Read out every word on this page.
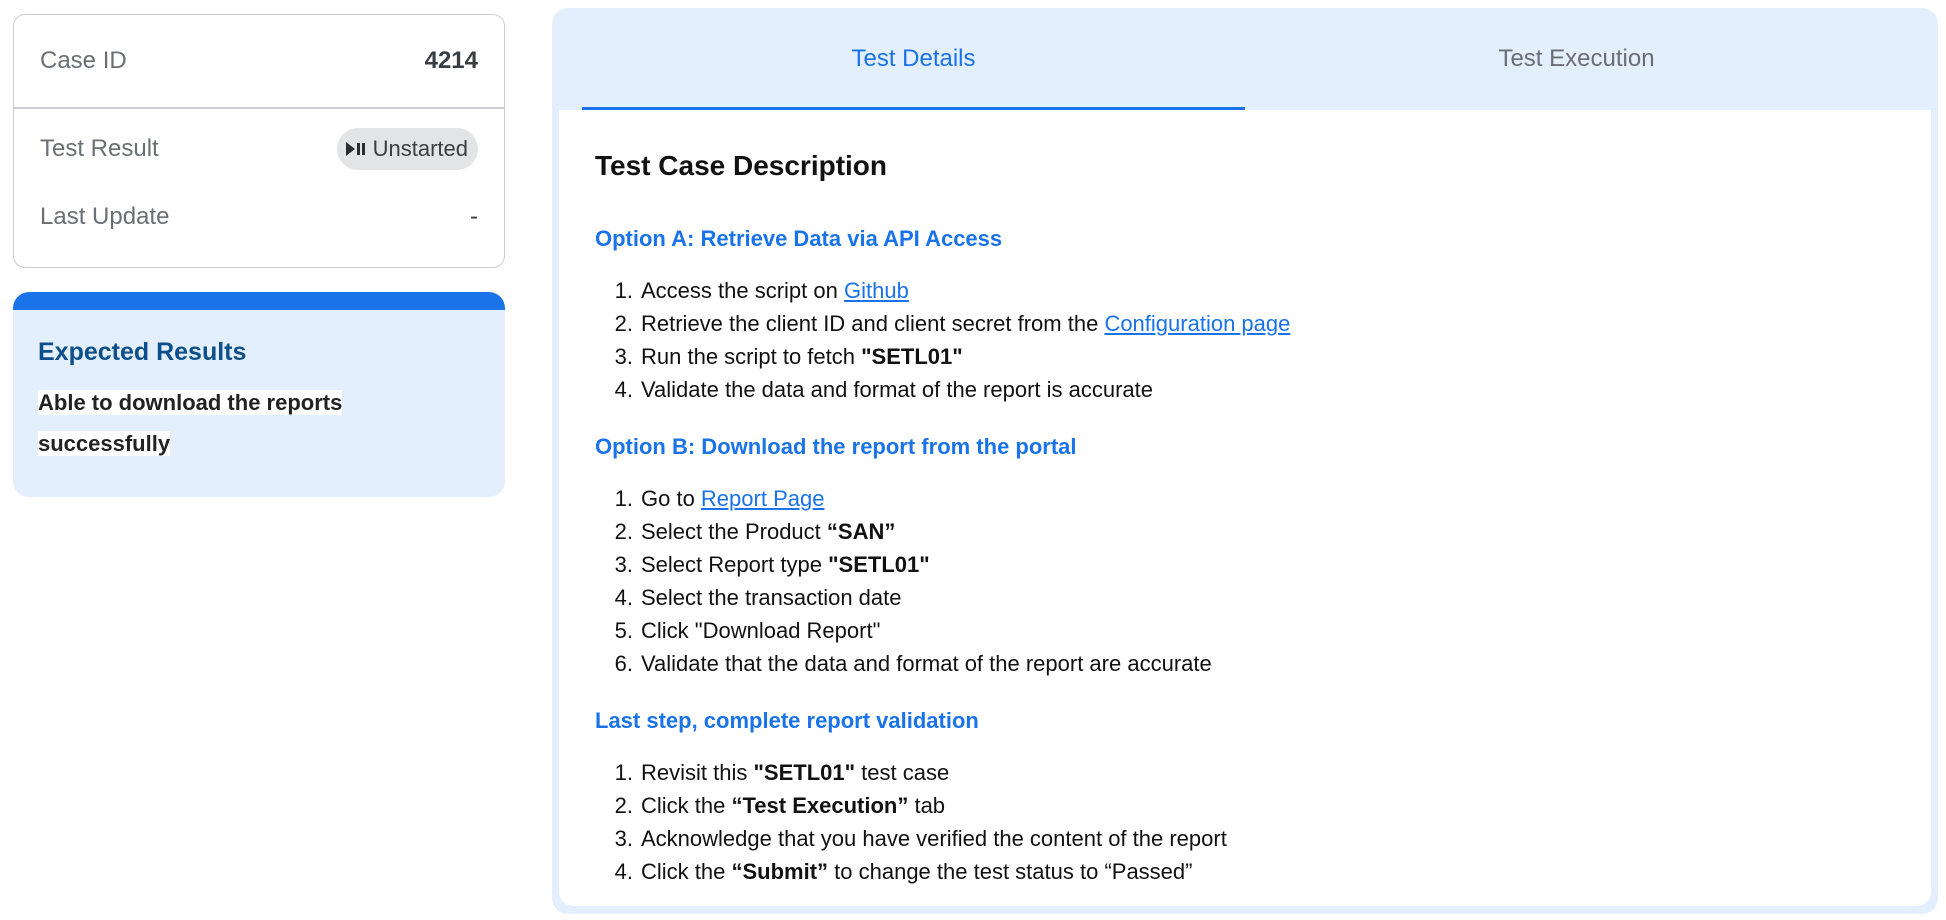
Case ID	4214
Test Result	Unstarted
Last Update	-
Expected Results
Able to download the reports
successfully
Test Details	Test Execution
Test Case Description
Option A: Retrieve Data via API Access
1. Access the script on Github
2. Retrieve the client ID and client secret from the Configuration page
3. Run the script to fetch "SETL01"
4. Validate the data and format of the report is accurate
Option B: Download the report from the portal
1. Go to Report Page
2. Select the Product “SAN”
3. Select Report type "SETL01"
4. Select the transaction date
5. Click "Download Report"
6. Validate that the data and format of the report are accurate
Last step, complete report validation
1. Revisit this "SETL01" test case
2. Click the “Test Execution” tab
3. Acknowledge that you have verified the content of the report
4. Click the “Submit” to change the test status to “Passed”
